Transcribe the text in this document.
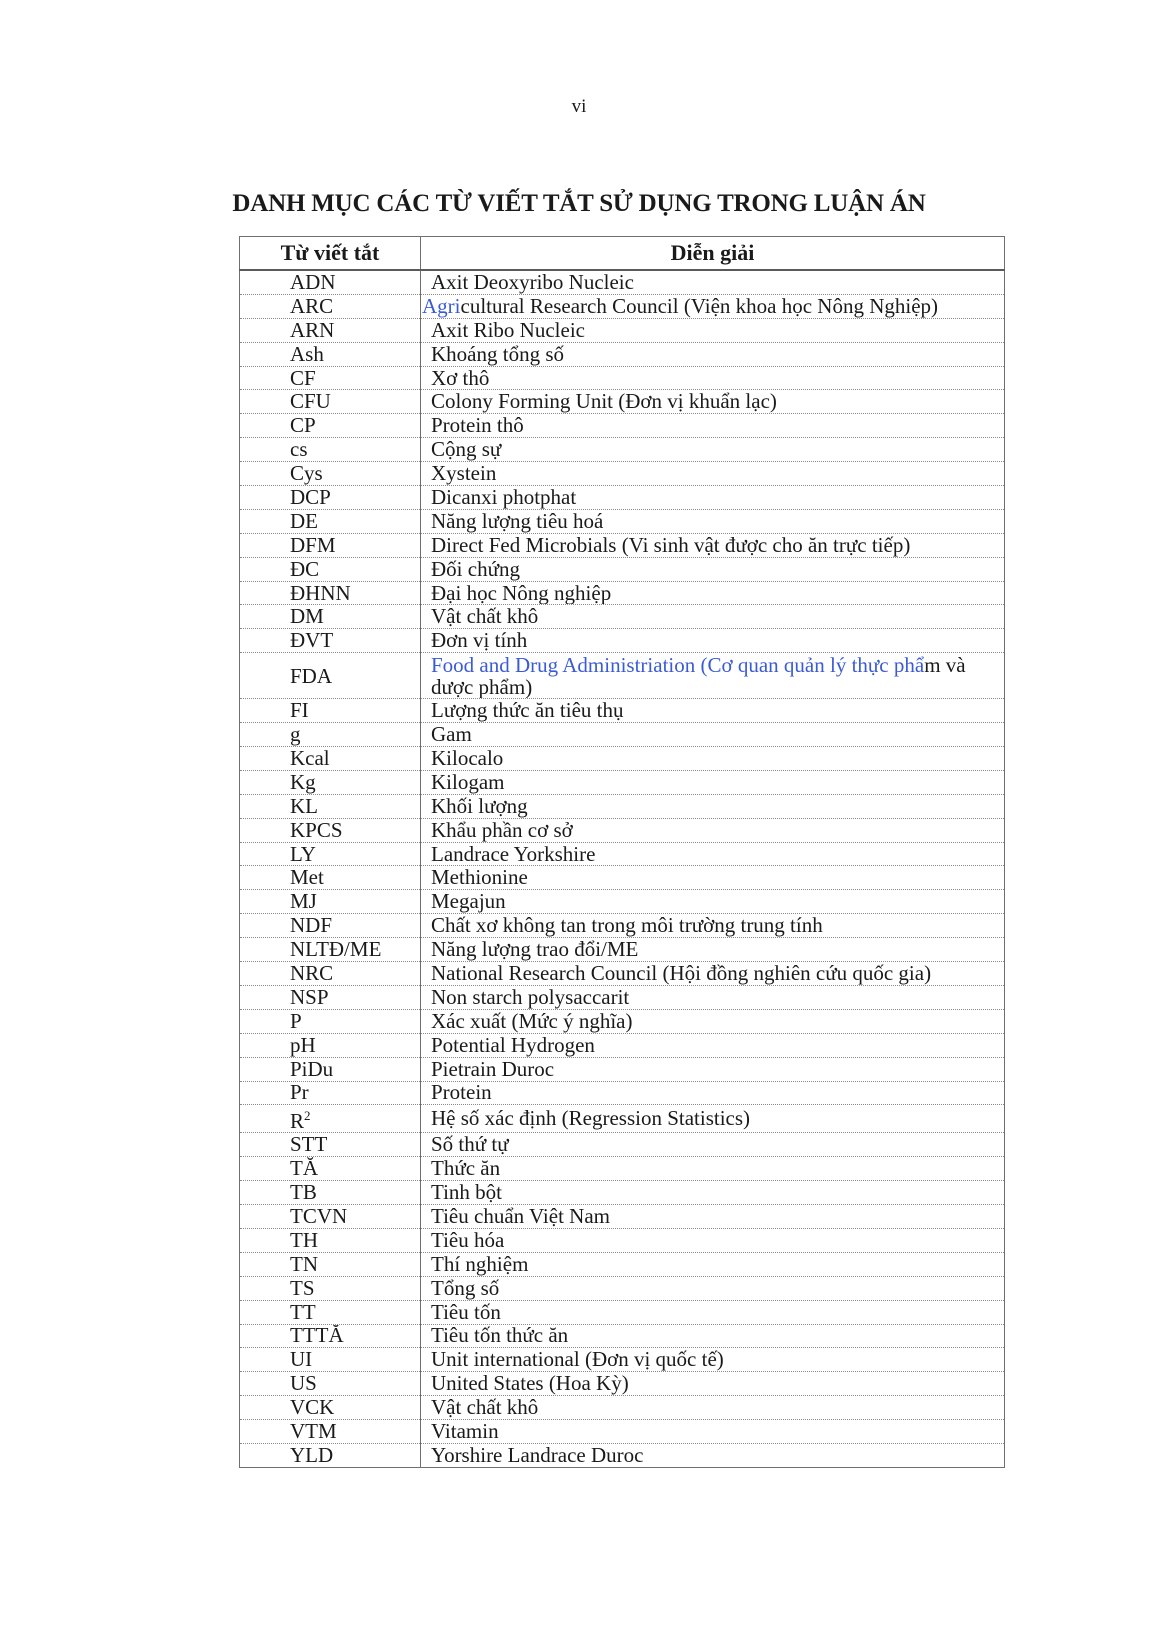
vi
DANH MỤC CÁC TỪ VIẾT TẮT SỬ DỤNG TRONG LUẬN ÁN
Từ viết tắt	Diễn giải
ADN	Axit Deoxyribo Nucleic
ARC	Agricultural Research Council (Viện khoa học Nông Nghiệp)
ARN	Axit Ribo Nucleic
Ash	Khoáng tổng số
CF	Xơ thô
CFU	Colony Forming Unit (Đơn vị khuẩn lạc)
CP	Protein thô
cs	Cộng sự
Cys	Xystein
DCP	Dicanxi photphat
DE	Năng lượng tiêu hoá
DFM	Direct Fed Microbials (Vi sinh vật được cho ăn trực tiếp)
ĐC	Đối chứng
ĐHNN	Đại học Nông nghiệp
DM	Vật chất khô
ĐVT	Đơn vị tính
FDA	Food and Drug Administriation (Cơ quan quản lý thực phẩm và dược phẩm)
FI	Lượng thức ăn tiêu thụ
g	Gam
Kcal	Kilocalo
Kg	Kilogam
KL	Khối lượng
KPCS	Khẩu phần cơ sở
LY	Landrace Yorkshire
Met	Methionine
MJ	Megajun
NDF	Chất xơ không tan trong môi trường trung tính
NLTĐ/ME	Năng lượng trao đổi/ME
NRC	National Research Council (Hội đồng nghiên cứu quốc gia)
NSP	Non starch polysaccarit
P	Xác xuất (Mức ý nghĩa)
pH	Potential Hydrogen
PiDu	Pietrain Duroc
Pr	Protein
$R^2$	Hệ số xác định (Regression Statistics)
STT	Số thứ tự
TĂ	Thức ăn
TB	Tinh bột
TCVN	Tiêu chuẩn Việt Nam
TH	Tiêu hóa
TN	Thí nghiệm
TS	Tổng số
TT	Tiêu tốn
TTTĂ	Tiêu tốn thức ăn
UI	Unit international (Đơn vị quốc tế)
US	United States (Hoa Kỳ)
VCK	Vật chất khô
VTM	Vitamin
YLD	Yorshire Landrace Duroc
